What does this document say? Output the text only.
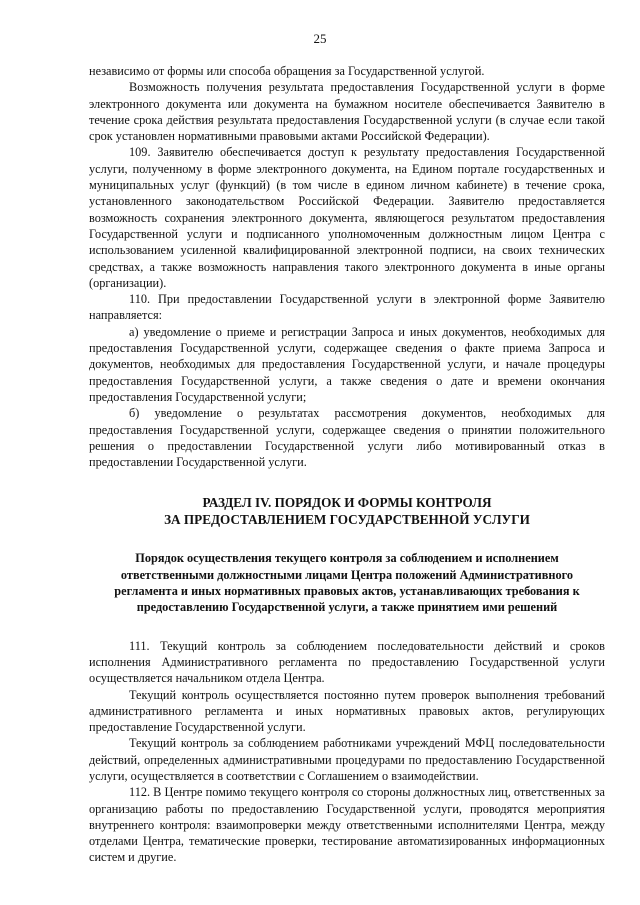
25

независимо от формы или способа обращения за Государственной услугой.

Возможность получения результата предоставления Государственной услуги в форме электронного документа или документа на бумажном носителе обеспечивается Заявителю в течение срока действия результата предоставления Государственной услуги (в случае если такой срок установлен нормативными правовыми актами Российской Федерации).

109. Заявителю обеспечивается доступ к результату предоставления Государственной услуги, полученному в форме электронного документа, на Едином портале государственных и муниципальных услуг (функций) (в том числе в едином личном кабинете) в течение срока, установленного законодательством Российской Федерации. Заявителю предоставляется возможность сохранения электронного документа, являющегося результатом предоставления Государственной услуги и подписанного уполномоченным должностным лицом Центра с использованием усиленной квалифицированной электронной подписи, на своих технических средствах, а также возможность направления такого электронного документа в иные органы (организации).

110. При предоставлении Государственной услуги в электронной форме Заявителю направляется:

а) уведомление о приеме и регистрации Запроса и иных документов, необходимых для предоставления Государственной услуги, содержащее сведения о факте приема Запроса и документов, необходимых для предоставления Государственной услуги, и начале процедуры предоставления Государственной услуги, а также сведения о дате и времени окончания предоставления Государственной услуги;

б) уведомление о результатах рассмотрения документов, необходимых для предоставления Государственной услуги, содержащее сведения о принятии положительного решения о предоставлении Государственной услуги либо мотивированный отказ в предоставлении Государственной услуги.

РАЗДЕЛ IV. ПОРЯДОК И ФОРМЫ КОНТРОЛЯ
ЗА ПРЕДОСТАВЛЕНИЕМ ГОСУДАРСТВЕННОЙ УСЛУГИ
Порядок осуществления текущего контроля за соблюдением и исполнением ответственными должностными лицами Центра положений Административного регламента и иных нормативных правовых актов, устанавливающих требования к предоставлению Государственной услуги, а также принятием ими решений

111. Текущий контроль за соблюдением последовательности действий и сроков исполнения Административного регламента по предоставлению Государственной услуги осуществляется начальником отдела Центра.

Текущий контроль осуществляется постоянно путем проверок выполнения требований административного регламента и иных нормативных правовых актов, регулирующих предоставление Государственной услуги.

Текущий контроль за соблюдением работниками учреждений МФЦ последовательности действий, определенных административными процедурами по предоставлению Государственной услуги, осуществляется в соответствии с Соглашением о взаимодействии.

112. В Центре помимо текущего контроля со стороны должностных лиц, ответственных за организацию работы по предоставлению Государственной услуги, проводятся мероприятия внутреннего контроля: взаимопроверки между ответственными исполнителями Центра, между отделами Центра, тематические проверки, тестирование автоматизированных информационных систем и другие.
